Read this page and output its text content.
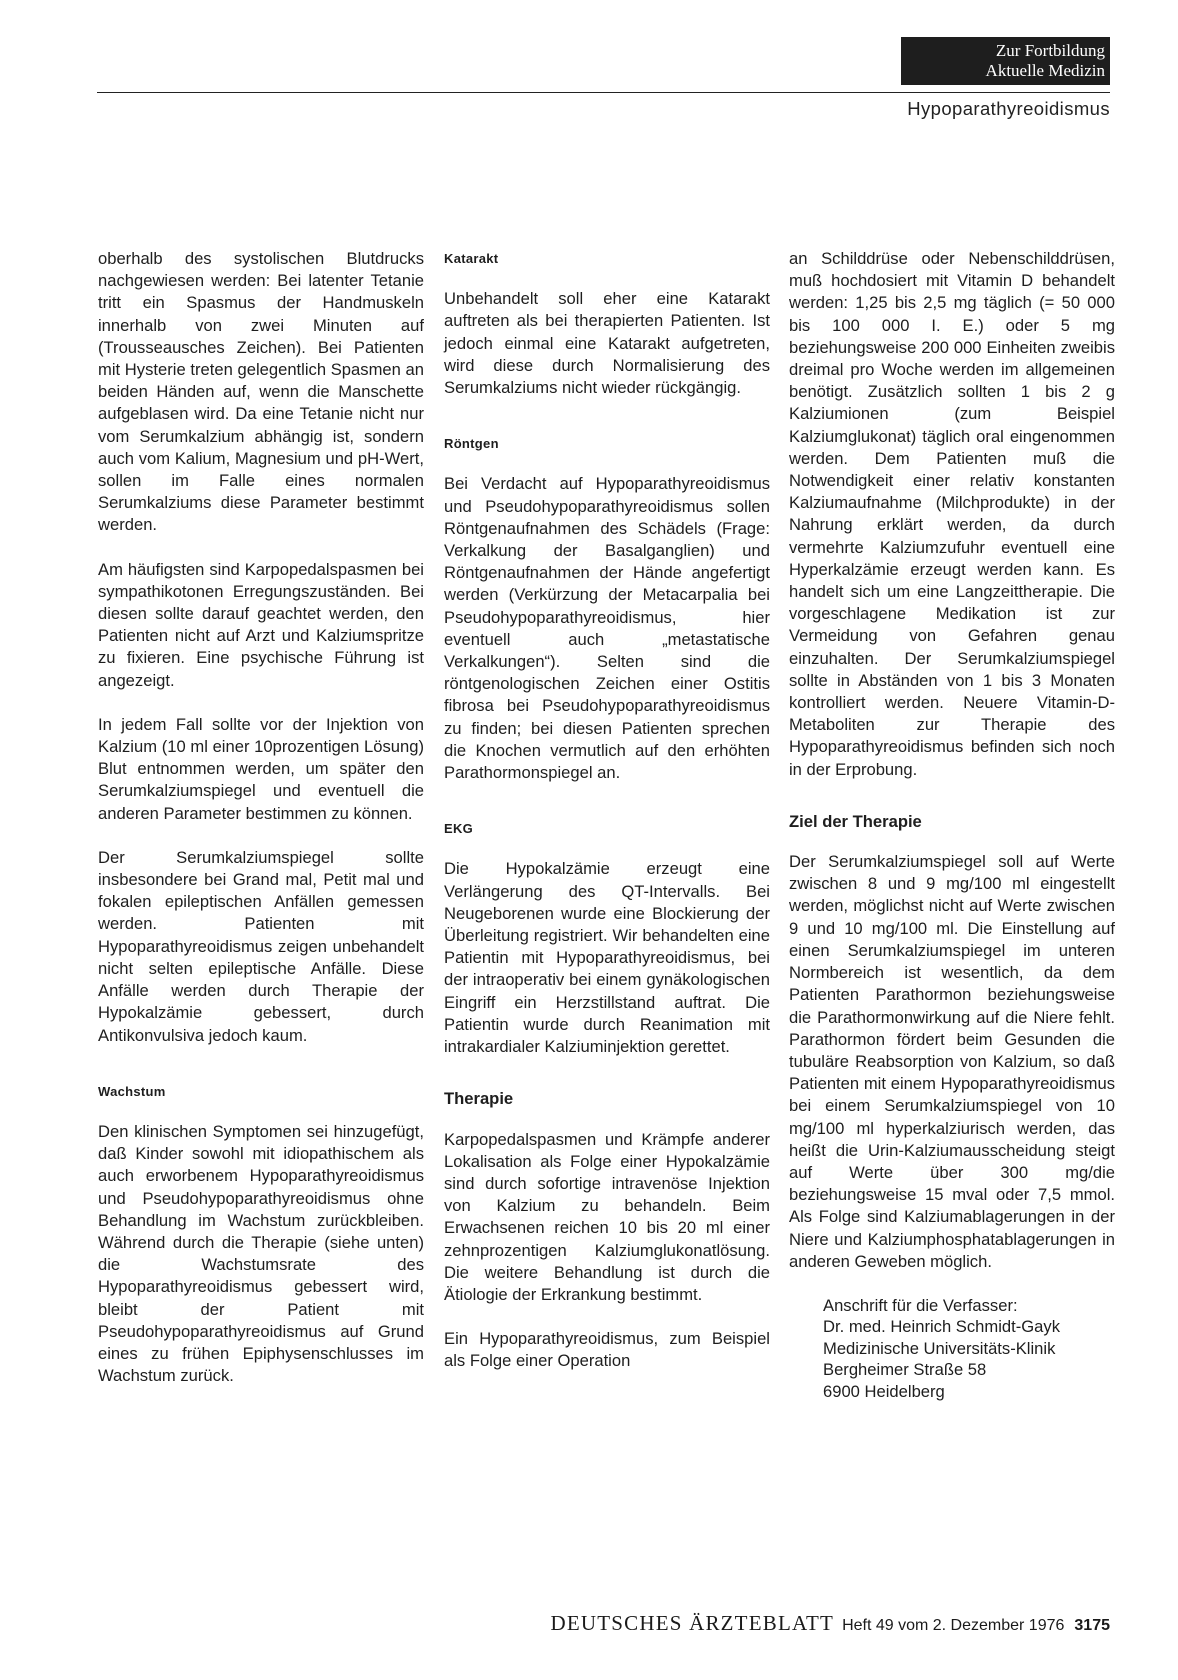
Zur Fortbildung
Aktuelle Medizin
Hypoparathyreoidismus

oberhalb des systolischen Blutdrucks nachgewiesen werden: Bei latenter Tetanie tritt ein Spasmus der Handmuskeln innerhalb von zwei Minuten auf (Trousseausches Zeichen). Bei Patienten mit Hysterie treten gelegentlich Spasmen an beiden Händen auf, wenn die Manschette aufgeblasen wird. Da eine Tetanie nicht nur vom Serumkalzium abhängig ist, sondern auch vom Kalium, Magnesium und pH-Wert, sollen im Falle eines normalen Serumkalziums diese Parameter bestimmt werden.

Am häufigsten sind Karpopedalspasmen bei sympathikotonen Erregungszuständen. Bei diesen sollte darauf geachtet werden, den Patienten nicht auf Arzt und Kalziumspritze zu fixieren. Eine psychische Führung ist angezeigt.

In jedem Fall sollte vor der Injektion von Kalzium (10 ml einer 10prozentigen Lösung) Blut entnommen werden, um später den Serumkalziumspiegel und eventuell die anderen Parameter bestimmen zu können.

Der Serumkalziumspiegel sollte insbesondere bei Grand mal, Petit mal und fokalen epileptischen Anfällen gemessen werden. Patienten mit Hypoparathyreoidismus zeigen unbehandelt nicht selten epileptische Anfälle. Diese Anfälle werden durch Therapie der Hypokalzämie gebessert, durch Antikonvulsiva jedoch kaum.

Wachstum

Den klinischen Symptomen sei hinzugefügt, daß Kinder sowohl mit idiopathischem als auch erworbenem Hypoparathyreoidismus und Pseudohypoparathyreoidismus ohne Behandlung im Wachstum zurückbleiben. Während durch die Therapie (siehe unten) die Wachstumsrate des Hypoparathyreoidismus gebessert wird, bleibt der Patient mit Pseudohypoparathyreoidismus auf Grund eines zu frühen Epiphysenschlusses im Wachstum zurück.

Katarakt

Unbehandelt soll eher eine Katarakt auftreten als bei therapierten Patienten. Ist jedoch einmal eine Katarakt aufgetreten, wird diese durch Normalisierung des Serumkalziums nicht wieder rückgängig.

Röntgen

Bei Verdacht auf Hypoparathyreoidismus und Pseudohypoparathyreoidismus sollen Röntgenaufnahmen des Schädels (Frage: Verkalkung der Basalganglien) und Röntgenaufnahmen der Hände angefertigt werden (Verkürzung der Metacarpalia bei Pseudohypoparathyreoidismus, hier eventuell auch „metastatische Verkalkungen“). Selten sind die röntgenologischen Zeichen einer Ostitis fibrosa bei Pseudohypoparathyreoidismus zu finden; bei diesen Patienten sprechen die Knochen vermutlich auf den erhöhten Parathormonspiegel an.

EKG

Die Hypokalzämie erzeugt eine Verlängerung des QT-Intervalls. Bei Neugeborenen wurde eine Blockierung der Überleitung registriert. Wir behandelten eine Patientin mit Hypoparathyreoidismus, bei der intraoperativ bei einem gynäkologischen Eingriff ein Herzstillstand auftrat. Die Patientin wurde durch Reanimation mit intrakardialer Kalziuminjektion gerettet.

Therapie

Karpopedalspasmen und Krämpfe anderer Lokalisation als Folge einer Hypokalzämie sind durch sofortige intravenöse Injektion von Kalzium zu behandeln. Beim Erwachsenen reichen 10 bis 20 ml einer zehnprozentigen Kalziumglukonatlösung. Die weitere Behandlung ist durch die Ätiologie der Erkrankung bestimmt.

Ein Hypoparathyreoidismus, zum Beispiel als Folge einer Operation

an Schilddrüse oder Nebenschilddrüsen, muß hochdosiert mit Vitamin D behandelt werden: 1,25 bis 2,5 mg täglich (= 50 000 bis 100 000 I. E.) oder 5 mg beziehungsweise 200 000 Einheiten zweibis dreimal pro Woche werden im allgemeinen benötigt. Zusätzlich sollten 1 bis 2 g Kalziumionen (zum Beispiel Kalziumglukonat) täglich oral eingenommen werden. Dem Patienten muß die Notwendigkeit einer relativ konstanten Kalziumaufnahme (Milchprodukte) in der Nahrung erklärt werden, da durch vermehrte Kalziumzufuhr eventuell eine Hyperkalzämie erzeugt werden kann. Es handelt sich um eine Langzeittherapie. Die vorgeschlagene Medikation ist zur Vermeidung von Gefahren genau einzuhalten. Der Serumkalziumspiegel sollte in Abständen von 1 bis 3 Monaten kontrolliert werden. Neuere Vitamin-D-Metaboliten zur Therapie des Hypoparathyreoidismus befinden sich noch in der Erprobung.

Ziel der Therapie

Der Serumkalziumspiegel soll auf Werte zwischen 8 und 9 mg/100 ml eingestellt werden, möglichst nicht auf Werte zwischen 9 und 10 mg/100 ml. Die Einstellung auf einen Serumkalziumspiegel im unteren Normbereich ist wesentlich, da dem Patienten Parathormon beziehungsweise die Parathormonwirkung auf die Niere fehlt. Parathormon fördert beim Gesunden die tubuläre Reabsorption von Kalzium, so daß Patienten mit einem Hypoparathyreoidismus bei einem Serumkalziumspiegel von 10 mg/100 ml hyperkalziurisch werden, das heißt die Urin-Kalziumausscheidung steigt auf Werte über 300 mg/die beziehungsweise 15 mval oder 7,5 mmol. Als Folge sind Kalziumablagerungen in der Niere und Kalziumphosphatablagerungen in anderen Geweben möglich.

Anschrift für die Verfasser:
Dr. med. Heinrich Schmidt-Gayk
Medizinische Universitäts-Klinik
Bergheimer Straße 58
6900 Heidelberg
DEUTSCHES ÄRZTEBLATT Heft 49 vom 2. Dezember 1976 3175
